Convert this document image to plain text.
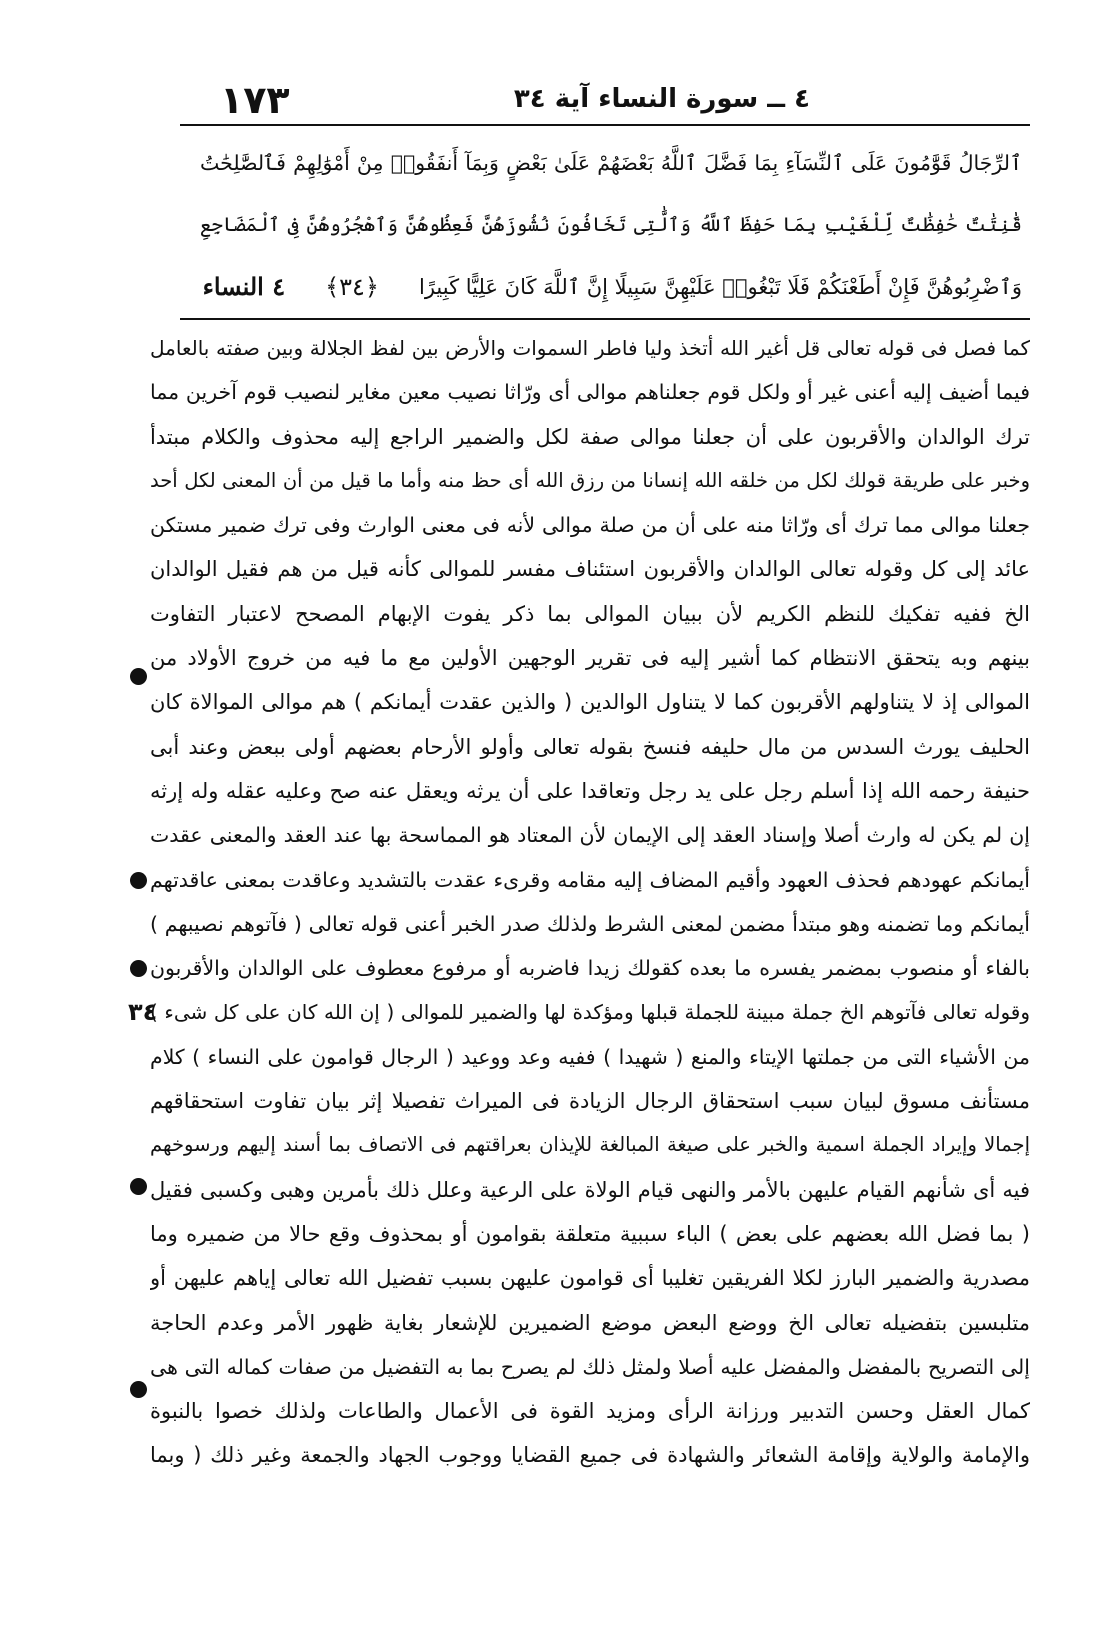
٤ ــ سورة النساء آية ٣٤
١٧٣
ٱلرِّجَالُ قَوَّٰمُونَ عَلَى ٱلنِّسَآءِ بِمَا فَضَّلَ ٱللَّهُ بَعْضَهُمْ عَلَىٰ بَعْضٍ وَبِمَآ أَنفَقُوا۟ مِنْ أَمْوَٰلِهِمْ فَٱلصَّٰلِحَٰتُ
قَٰنِتَٰتٌ حَٰفِظَٰتٌ لِّلْغَيْبِ بِمَا حَفِظَ ٱللَّهُ وَٱلَّٰتِى تَخَافُونَ نُشُوزَهُنَّ فَعِظُوهُنَّ وَٱهْجُرُوهُنَّ فِى ٱلْمَضَاجِعِ
وَٱضْرِبُوهُنَّ فَإِنْ أَطَعْنَكُمْ فَلَا تَبْغُوا۟ عَلَيْهِنَّ سَبِيلًا إِنَّ ٱللَّهَ كَانَ عَلِيًّا كَبِيرًا
﴿٣٤﴾
٤ النساء
كما فصل فى قوله تعالى قل أغير الله أتخذ وليا فاطر السموات والأرض بين لفظ الجلالة وبين صفته بالعامل
فيما أضيف إليه أعنى غير أو ولكل قوم جعلناهم موالى أى ورّاثا نصيب معين مغاير لنصيب قوم آخرين مما
ترك الوالدان والأقربون على أن جعلنا موالى صفة لكل والضمير الراجع إليه محذوف والكلام مبتدأ
وخبر على طريقة قولك لكل من خلقه الله إنسانا من رزق الله أى حظ منه وأما ما قيل من أن المعنى لكل أحد
جعلنا موالى مما ترك أى ورّاثا منه على أن من صلة موالى لأنه فى معنى الوارث وفى ترك ضمير مستكن
عائد إلى كل وقوله تعالى الوالدان والأقربون استئناف مفسر للموالى كأنه قيل من هم فقيل الوالدان
الخ ففيه تفكيك للنظم الكريم لأن ببيان الموالى بما ذكر يفوت الإبهام المصحح لاعتبار التفاوت
بينهم وبه يتحقق الانتظام كما أشير إليه فى تقرير الوجهين الأولين مع ما فيه من خروج الأولاد من
الموالى إذ لا يتناولهم الأقربون كما لا يتناول الوالدين ( والذين عقدت أيمانكم ) هم موالى الموالاة كان
الحليف يورث السدس من مال حليفه فنسخ بقوله تعالى وأولو الأرحام بعضهم أولى ببعض وعند أبى
حنيفة رحمه الله إذا أسلم رجل على يد رجل وتعاقدا على أن يرثه ويعقل عنه صح وعليه عقله وله إرثه
إن لم يكن له وارث أصلا وإسناد العقد إلى الإيمان لأن المعتاد هو المماسحة بها عند العقد والمعنى عقدت
أيمانكم عهودهم فحذف العهود وأقيم المضاف إليه مقامه وقرىء عقدت بالتشديد وعاقدت بمعنى عاقدتهم
أيمانكم وما تضمنه وهو مبتدأ مضمن لمعنى الشرط ولذلك صدر الخبر أعنى قوله تعالى ( فآتوهم نصيبهم )
بالفاء أو منصوب بمضمر يفسره ما بعده كقولك زيدا فاضربه أو مرفوع معطوف على الوالدان والأقربون
وقوله تعالى فآتوهم الخ جملة مبينة للجملة قبلها ومؤكدة لها والضمير للموالى ( إن الله كان على كل شىء )
من الأشياء التى من جملتها الإيتاء والمنع ( شهيدا ) ففيه وعد ووعيد ( الرجال قوامون على النساء ) كلام
مستأنف مسوق لبيان سبب استحقاق الرجال الزيادة فى الميراث تفصيلا إثر بيان تفاوت استحقاقهم
إجمالا وإيراد الجملة اسمية والخبر على صيغة المبالغة للإيذان بعراقتهم فى الاتصاف بما أسند إليهم ورسوخهم
فيه أى شأنهم القيام عليهن بالأمر والنهى قيام الولاة على الرعية وعلل ذلك بأمرين وهبى وكسبى فقيل
( بما فضل الله بعضهم على بعض ) الباء سببية متعلقة بقوامون أو بمحذوف وقع حالا من ضميره وما
مصدرية والضمير البارز لكلا الفريقين تغليبا أى قوامون عليهن بسبب تفضيل الله تعالى إياهم عليهن أو
متلبسين بتفضيله تعالى الخ ووضع البعض موضع الضميرين للإشعار بغاية ظهور الأمر وعدم الحاجة
إلى التصريح بالمفضل والمفضل عليه أصلا ولمثل ذلك لم يصرح بما به التفضيل من صفات كماله التى هى
كمال العقل وحسن التدبير ورزانة الرأى ومزيد القوة فى الأعمال والطاعات ولذلك خصوا بالنبوة
والإمامة والولاية وإقامة الشعائر والشهادة فى جميع القضايا ووجوب الجهاد والجمعة وغير ذلك ( وبما
٣٤
